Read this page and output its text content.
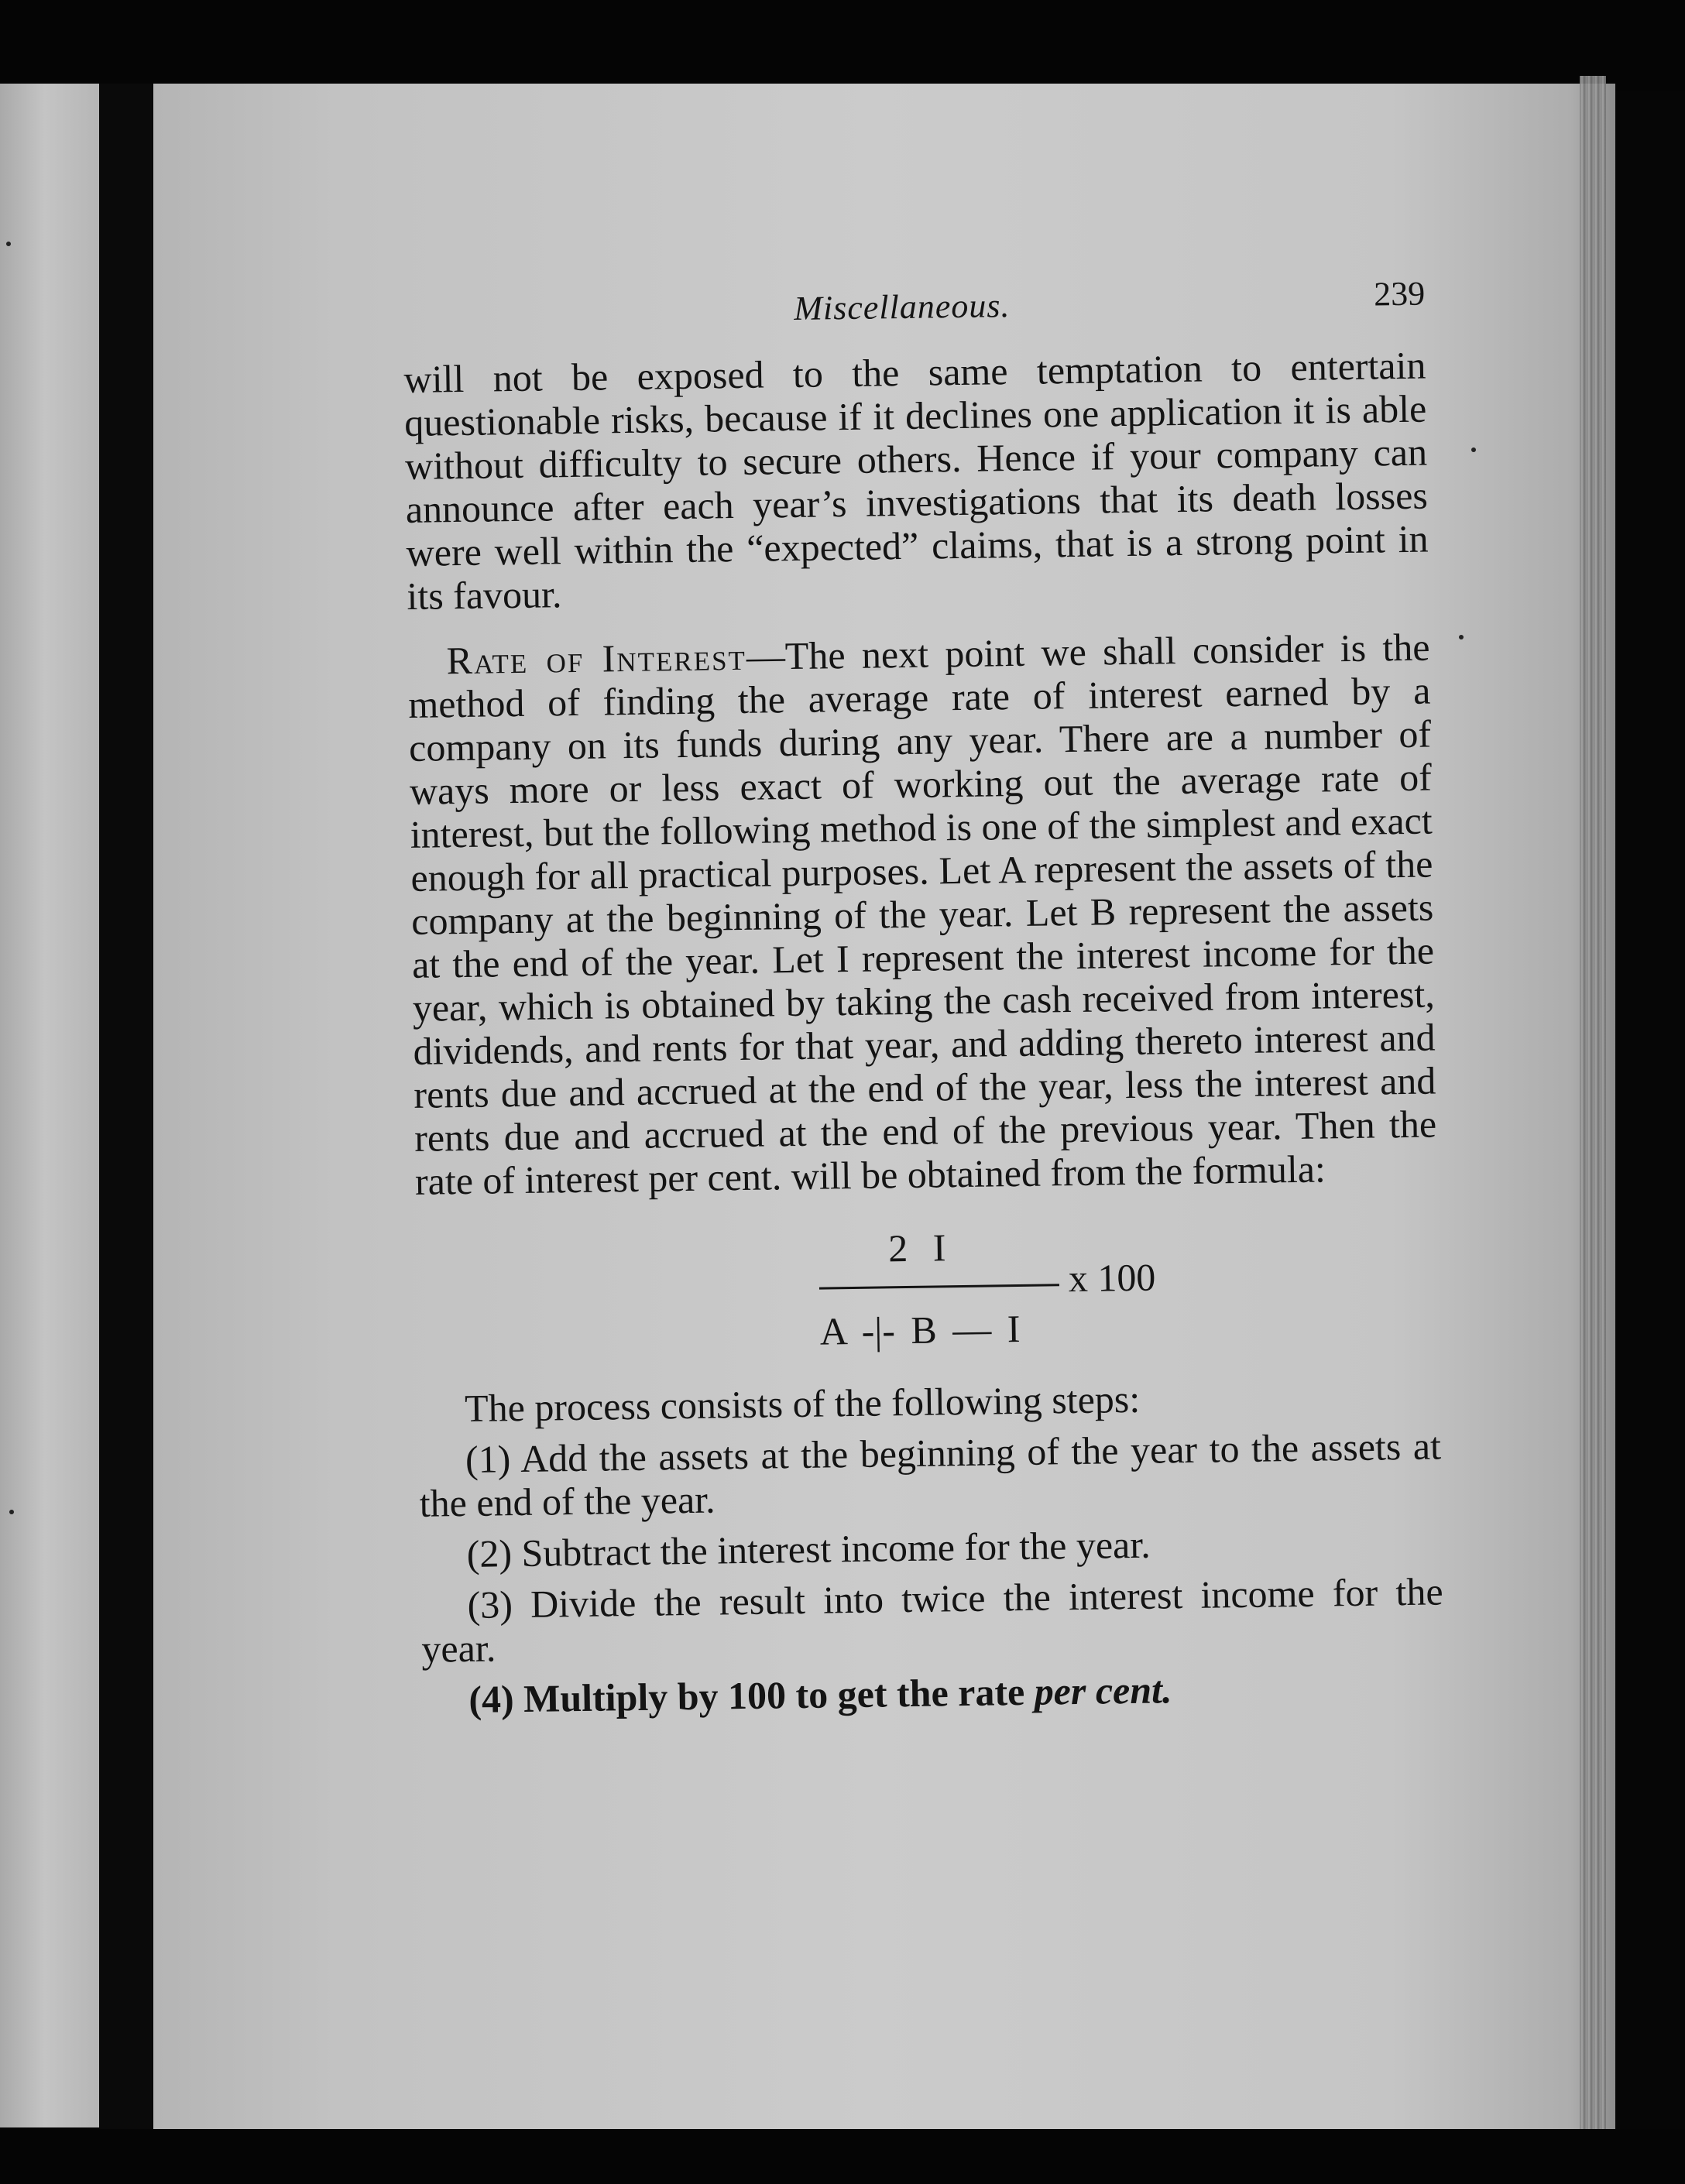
Miscellaneous.	239

will not be exposed to the same temptation to entertain questionable risks, because if it declines one application it is able without difficulty to secure others. Hence if your company can announce after each year’s investigations that its death losses were well within the “expected” claims, that is a strong point in its favour.

Rate of Interest—The next point we shall consider is the method of finding the average rate of interest earned by a company on its funds during any year. There are a number of ways more or less exact of working out the average rate of interest, but the following method is one of the simplest and exact enough for all practical purposes. Let A represent the assets of the company at the beginning of the year. Let B represent the assets at the end of the year. Let I represent the interest income for the year, which is obtained by taking the cash received from interest, dividends, and rents for that year, and adding thereto interest and rents due and accrued at the end of the year, less the interest and rents due and accrued at the end of the previous year. Then the rate of interest per cent. will be obtained from the formula:

2 I
x 100
A -|- B — I

The process consists of the following steps:

(1) Add the assets at the beginning of the year to the assets at the end of the year.

(2) Subtract the interest income for the year.

(3) Divide the result into twice the interest income for the year.

(4) Multiply by 100 to get the rate per cent.
